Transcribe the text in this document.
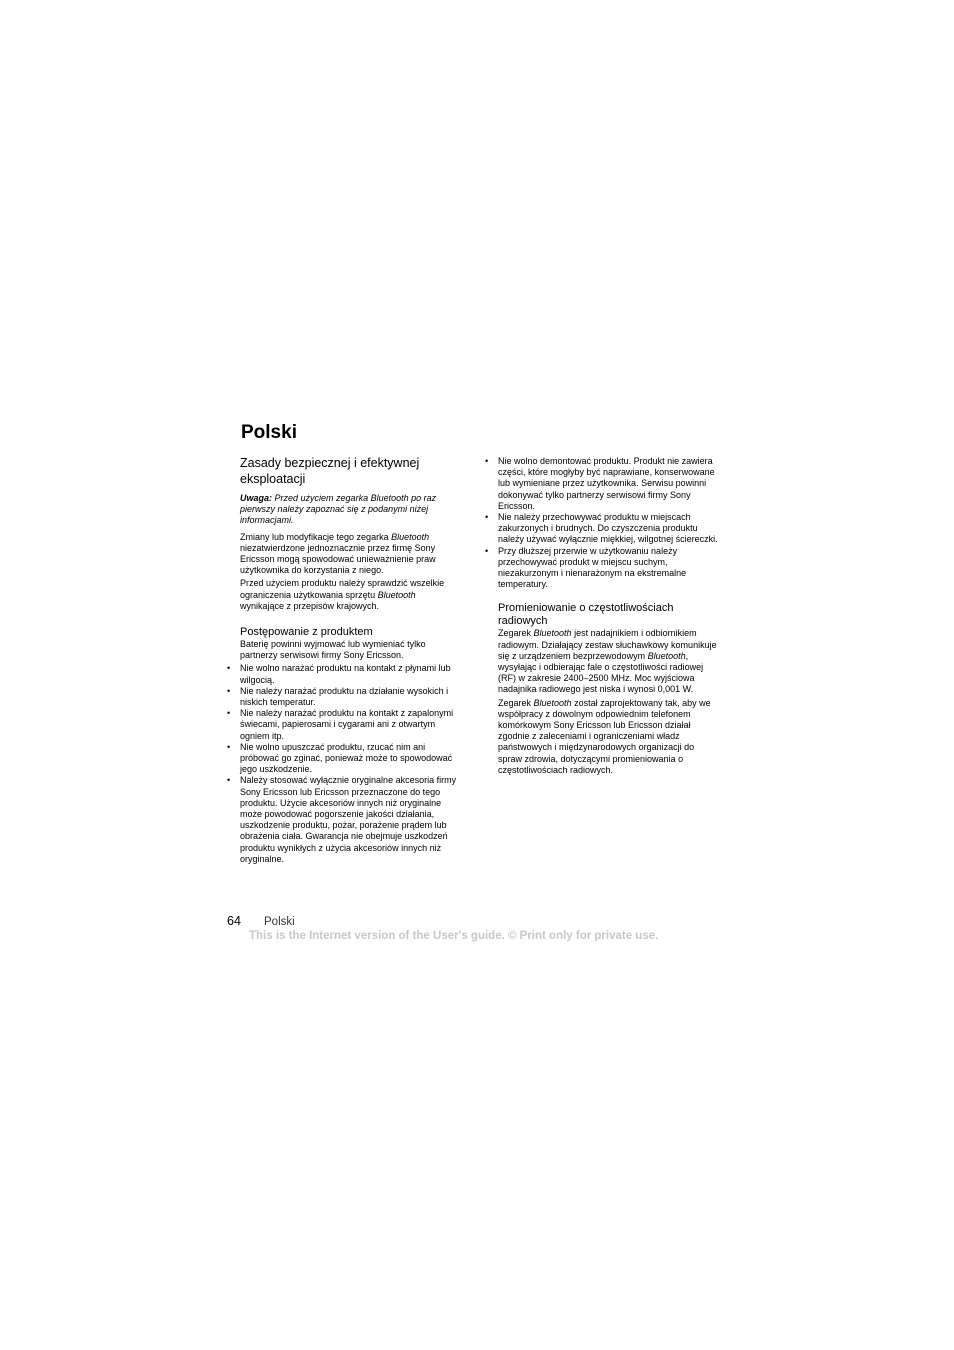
Polski
Zasady bezpiecznej i efektywnej eksploatacji

Uwaga: Przed użyciem zegarka Bluetooth po raz pierwszy należy zapoznać się z podanymi niżej informacjami.

Zmiany lub modyfikacje tego zegarka Bluetooth niezatwierdzone jednoznacznie przez firmę Sony Ericsson mogą spowodować unieważnienie praw użytkownika do korzystania z niego.

Przed użyciem produktu należy sprawdzić wszelkie ograniczenia użytkowania sprzętu Bluetooth wynikające z przepisów krajowych.

Postępowanie z produktem

Baterię powinni wyjmować lub wymieniać tylko partnerzy serwisowi firmy Sony Ericsson.

• Nie wolno narażać produktu na kontakt z płynami lub wilgocią.
• Nie należy narażać produktu na działanie wysokich i niskich temperatur.
• Nie należy narażać produktu na kontakt z zapalonymi świecami, papierosami i cygarami ani z otwartym ogniem itp.
• Nie wolno upuszczać produktu, rzucać nim ani próbować go zginać, ponieważ może to spowodować jego uszkodzenie.
• Należy stosować wyłącznie oryginalne akcesoria firmy Sony Ericsson lub Ericsson przeznaczone do tego produktu. Użycie akcesoriów innych niż oryginalne może powodować pogorszenie jakości działania, uszkodzenie produktu, pożar, porażenie prądem lub obrażenia ciała. Gwarancja nie obejmuje uszkodzeń produktu wynikłych z użycia akcesoriów innych niż oryginalne.
• Nie wolno demontować produktu. Produkt nie zawiera części, które mogłyby być naprawiane, konserwowane lub wymieniane przez użytkownika. Serwisu powinni dokonywać tylko partnerzy serwisowi firmy Sony Ericsson.
• Nie należy przechowywać produktu w miejscach zakurzonych i brudnych. Do czyszczenia produktu należy używać wyłącznie miękkiej, wilgotnej ściereczki.
• Przy dłuższej przerwie w użytkowaniu należy przechowywać produkt w miejscu suchym, niezakurzonym i nienarażonym na ekstremalne temperatury.
Promieniowanie o częstotliwościach radiowych

Zegarek Bluetooth jest nadajnikiem i odbiornikiem radiowym. Działający zestaw słuchawkowy komunikuje się z urządzeniem bezprzewodowym Bluetooth, wysyłając i odbierając fale o częstotliwości radiowej (RF) w zakresie 2400–2500 MHz. Moc wyjściowa nadajnika radiowego jest niska i wynosi 0,001 W.

Zegarek Bluetooth został zaprojektowany tak, aby we współpracy z dowolnym odpowiednim telefonem komórkowym Sony Ericsson lub Ericsson działał zgodnie z zaleceniami i ograniczeniami władz państwowych i międzynarodowych organizacji do spraw zdrowia, dotyczącymi promieniowania o częstotliwościach radiowych.

64 Polski
This is the Internet version of the User's guide. © Print only for private use.
